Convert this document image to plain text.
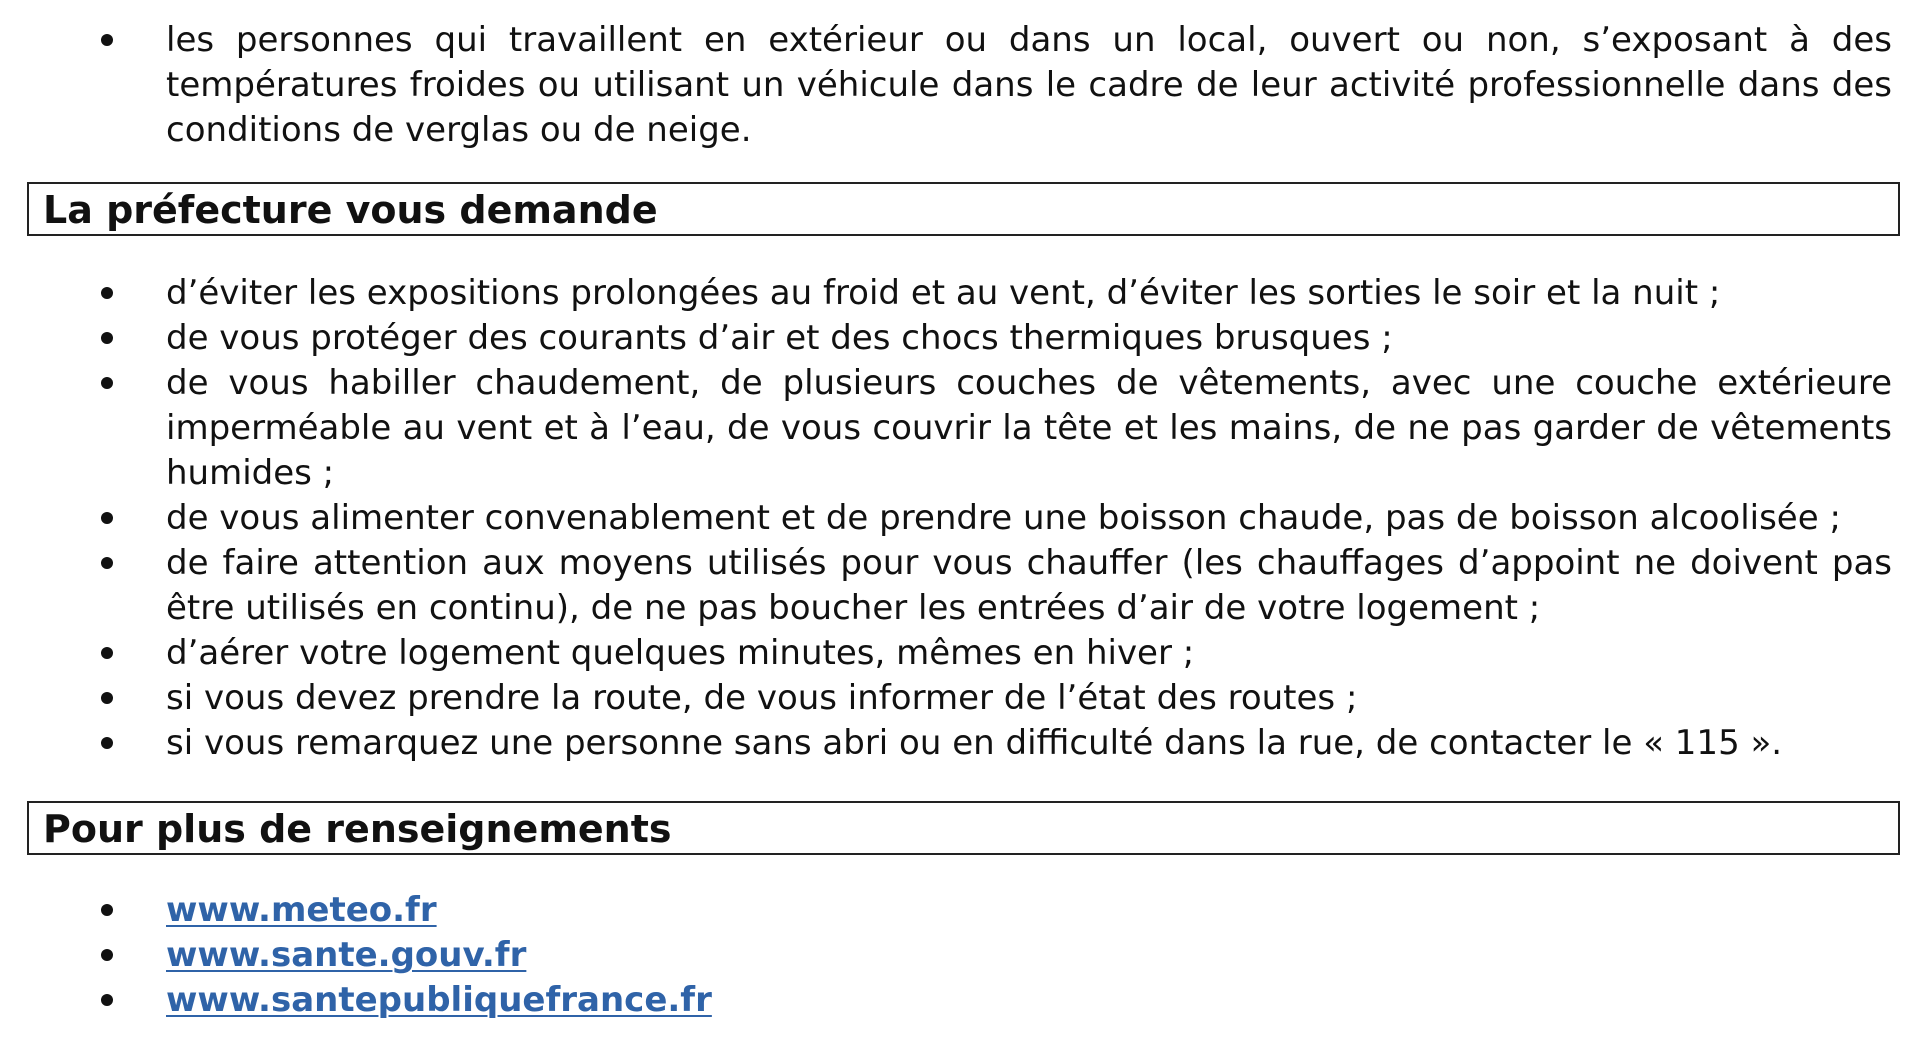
les personnes qui travaillent en extérieur ou dans un local, ouvert ou non, s’exposant à des températures froides ou utilisant un véhicule dans le cadre de leur activité professionnelle dans des conditions de verglas ou de neige.
La préfecture vous demande
d’éviter les expositions prolongées au froid et au vent, d’éviter les sorties le soir et la nuit ;
de vous protéger des courants d’air et des chocs thermiques brusques ;
de vous habiller chaudement, de plusieurs couches de vêtements, avec une couche extérieure imperméable au vent et à l’eau, de vous couvrir la tête et les mains, de ne pas garder de vêtements humides ;
de vous alimenter convenablement et de prendre une boisson chaude, pas de boisson alcoolisée ;
de faire attention aux moyens utilisés pour vous chauffer (les chauffages d’appoint ne doivent pas être utilisés en continu), de ne pas boucher les entrées d’air de votre logement ;
d’aérer votre logement quelques minutes, mêmes en hiver ;
si vous devez prendre la route, de vous informer de l’état des routes ;
si vous remarquez une personne sans abri ou en difficulté dans la rue, de contacter le « 115 ».
Pour plus de renseignements
www.meteo.fr
www.sante.gouv.fr
www.santepubliquefrance.fr
